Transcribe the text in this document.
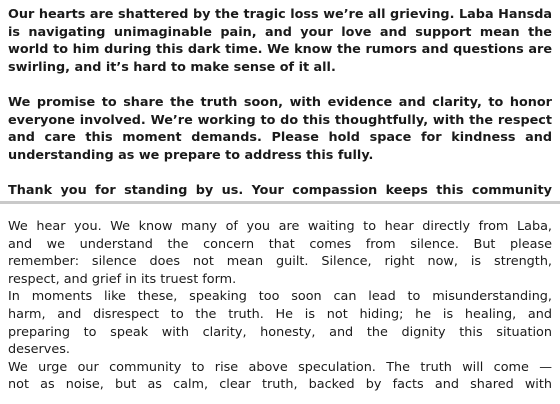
Our hearts are shattered by the tragic loss we’re all grieving. Laba Hansda
is navigating unimaginable pain, and your love and support mean the
world to him during this dark time. We know the rumors and questions are
swirling, and it’s hard to make sense of it all.

We promise to share the truth soon, with evidence and clarity, to honor
everyone involved. We’re working to do this thoughtfully, with the respect
and care this moment demands. Please hold space for kindness and
understanding as we prepare to address this fully.

Thank you for standing by us. Your compassion keeps this community

We hear you. We know many of you are waiting to hear directly from Laba,
and we understand the concern that comes from silence. But please
remember: silence does not mean guilt. Silence, right now, is strength,
respect, and grief in its truest form.

In moments like these, speaking too soon can lead to misunderstanding,
harm, and disrespect to the truth. He is not hiding; he is healing, and
preparing to speak with clarity, honesty, and the dignity this situation
deserves.

We urge our community to rise above speculation. The truth will come —
not as noise, but as calm, clear truth, backed by facts and shared with
